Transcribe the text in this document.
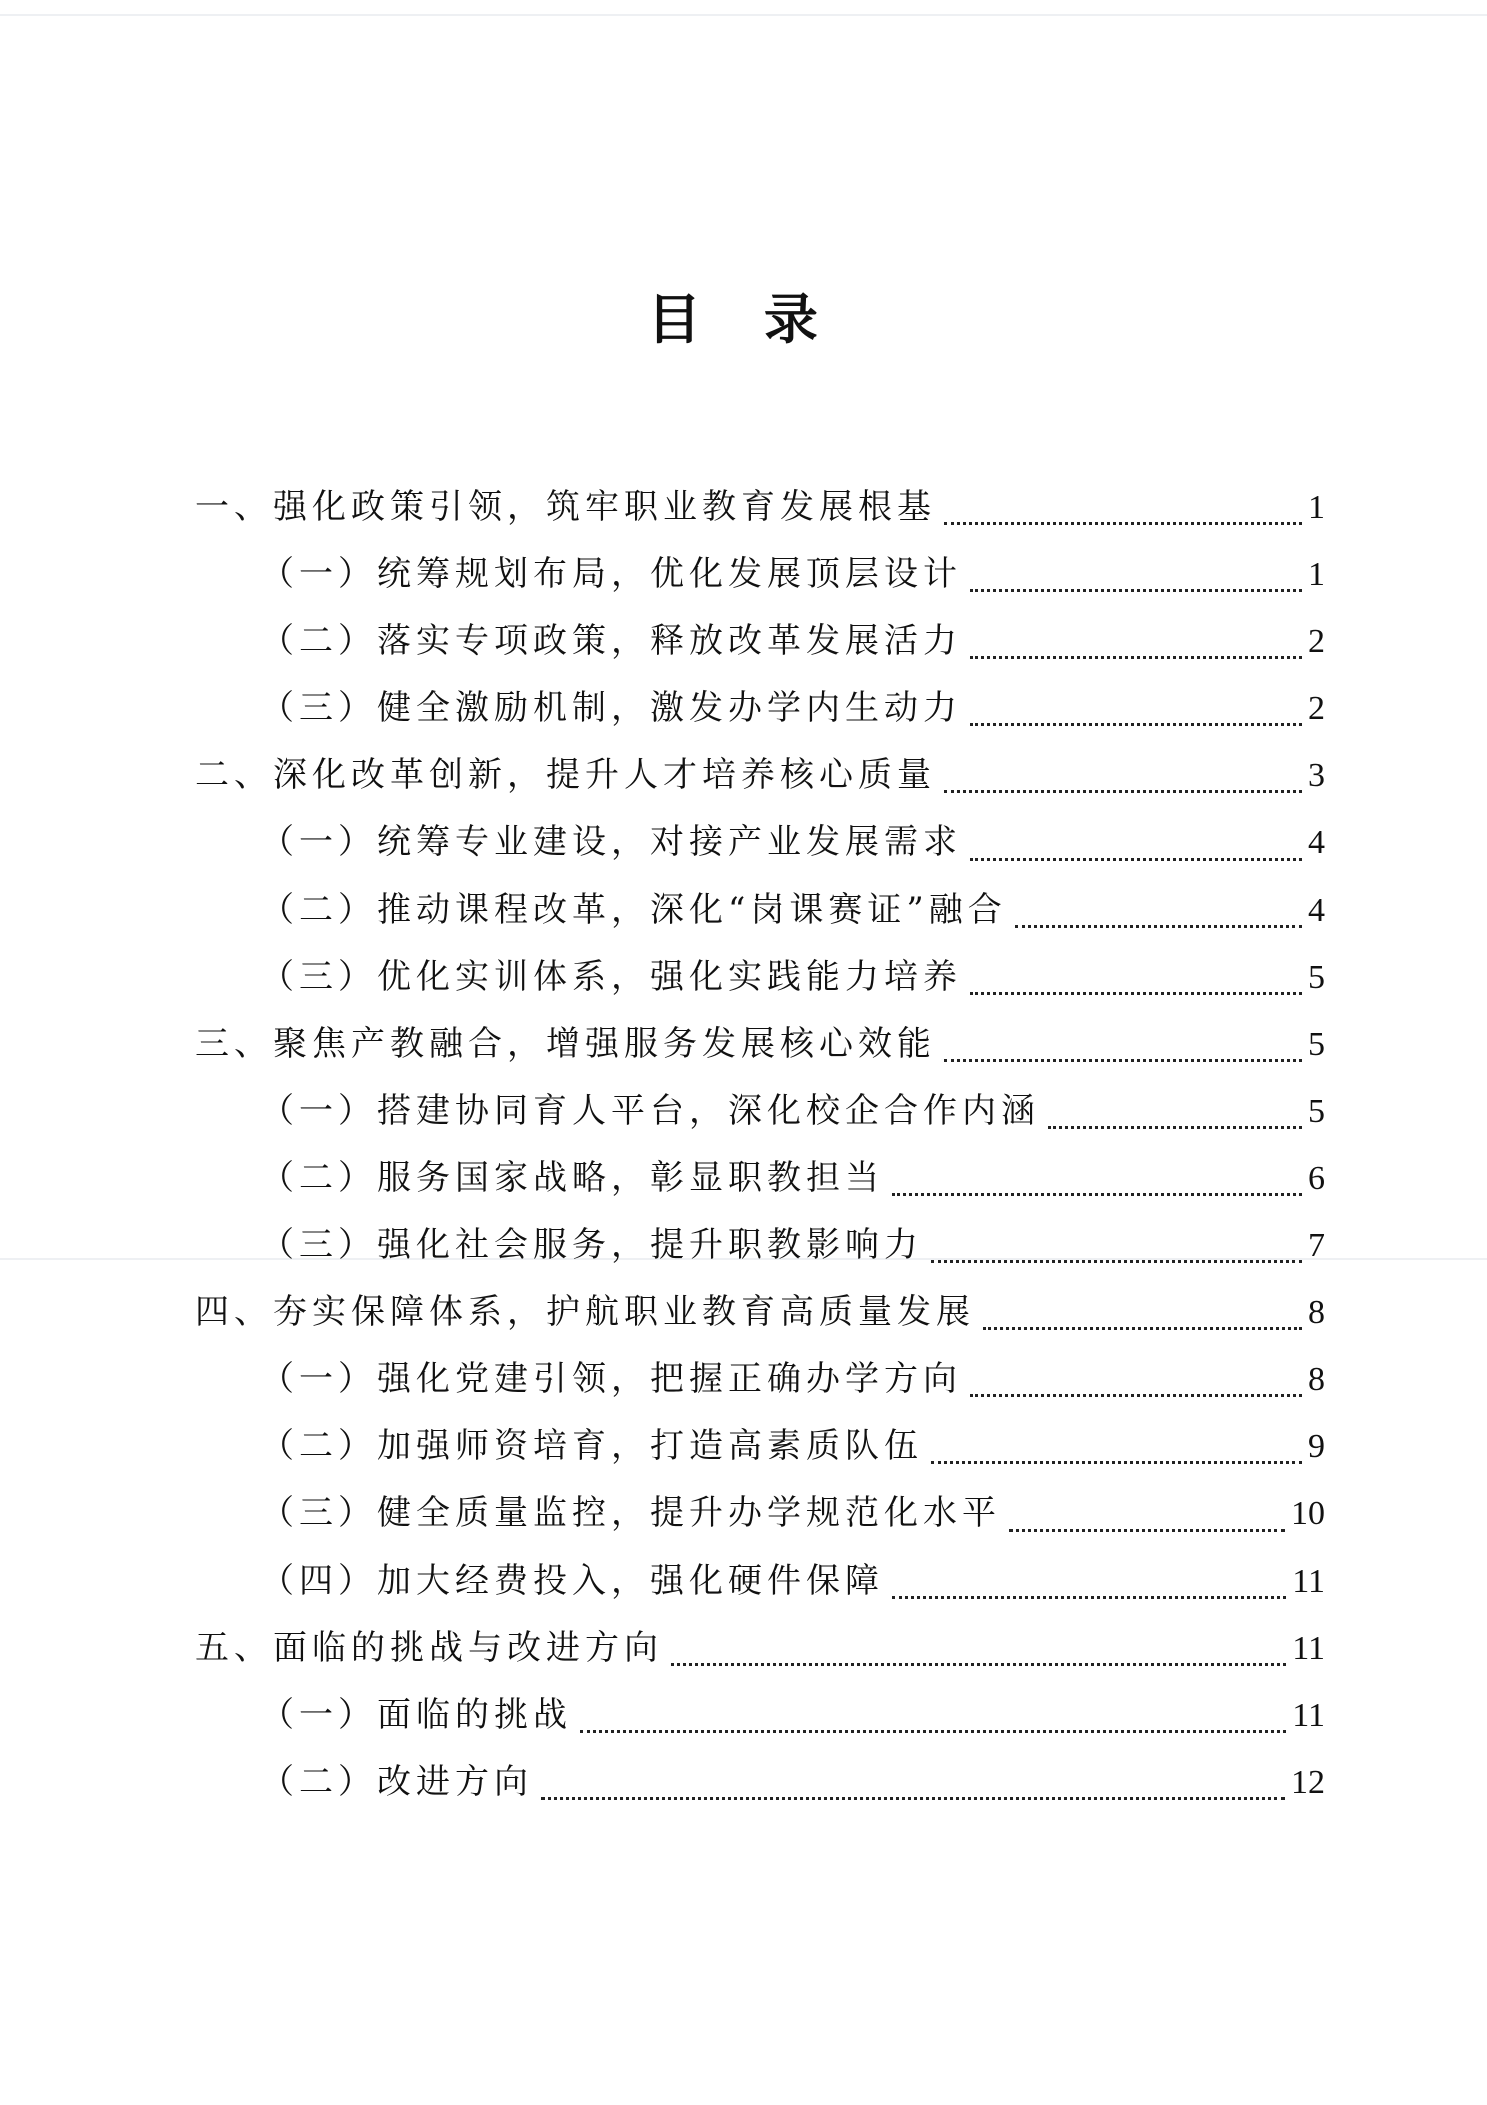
目 录
一、强化政策引领，筑牢职业教育发展根基	1
（一）统筹规划布局，优化发展顶层设计	1
（二）落实专项政策，释放改革发展活力	2
（三）健全激励机制，激发办学内生动力	2
二、深化改革创新，提升人才培养核心质量	3
（一）统筹专业建设，对接产业发展需求	4
（二）推动课程改革，深化“岗课赛证”融合	4
（三）优化实训体系，强化实践能力培养	5
三、聚焦产教融合，增强服务发展核心效能	5
（一）搭建协同育人平台，深化校企合作内涵	5
（二）服务国家战略，彰显职教担当	6
（三）强化社会服务，提升职教影响力	7
四、夯实保障体系，护航职业教育高质量发展	8
（一）强化党建引领，把握正确办学方向	8
（二）加强师资培育，打造高素质队伍	9
（三）健全质量监控，提升办学规范化水平	10
（四）加大经费投入，强化硬件保障	11
五、面临的挑战与改进方向	11
（一）面临的挑战	11
（二）改进方向	12
